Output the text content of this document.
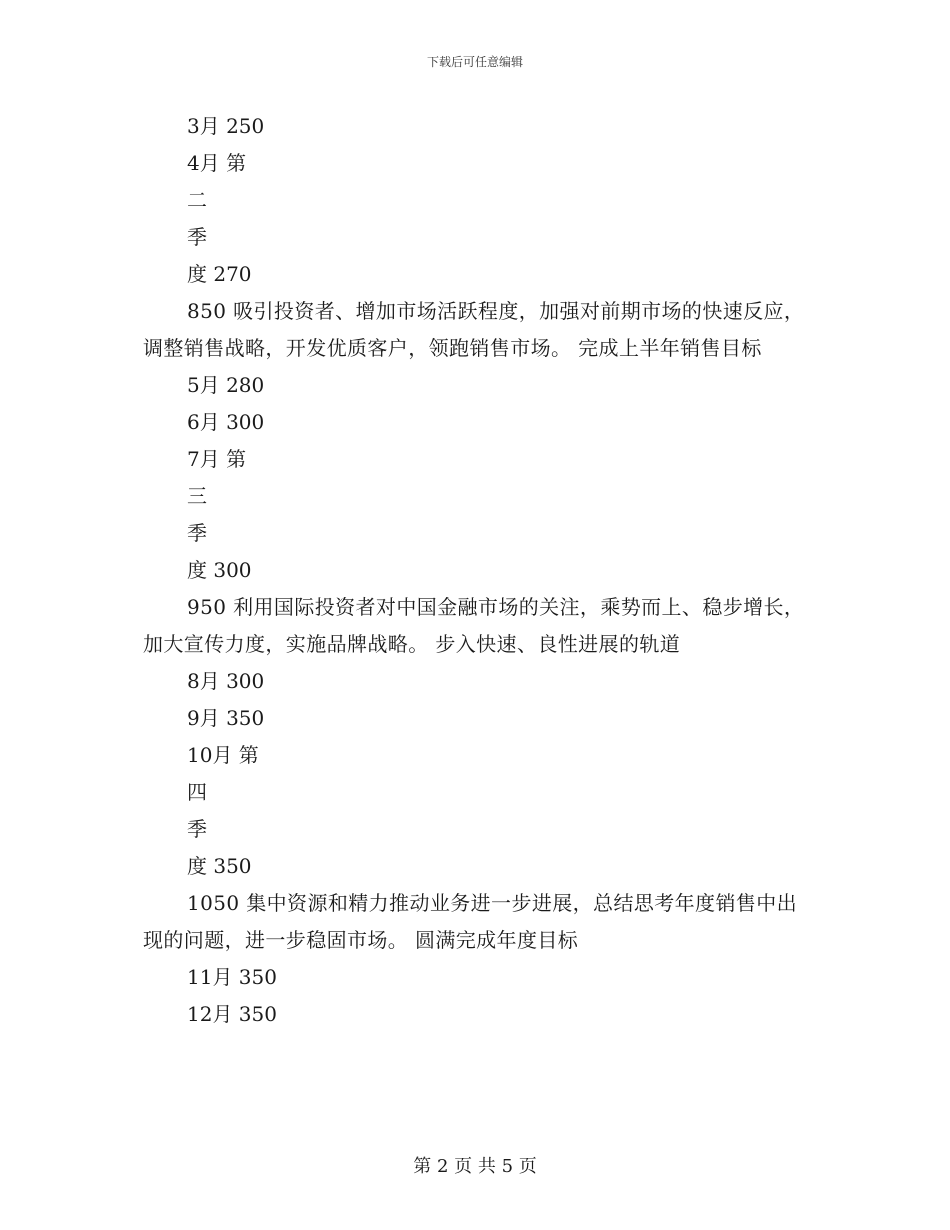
下载后可任意编辑
3月 250
4月 第
二
季
度 270
850 吸引投资者、增加市场活跃程度，加强对前期市场的快速反应，调整销售战略，开发优质客户，领跑销售市场。 完成上半年销售目标
5月 280
6月 300
7月 第
三
季
度 300
950 利用国际投资者对中国金融市场的关注，乘势而上、稳步增长，加大宣传力度，实施品牌战略。 步入快速、良性进展的轨道
8月 300
9月 350
10月 第
四
季
度 350
1050 集中资源和精力推动业务进一步进展，总结思考年度销售中出现的问题，进一步稳固市场。 圆满完成年度目标
11月 350
12月 350
第 2 页 共 5 页
